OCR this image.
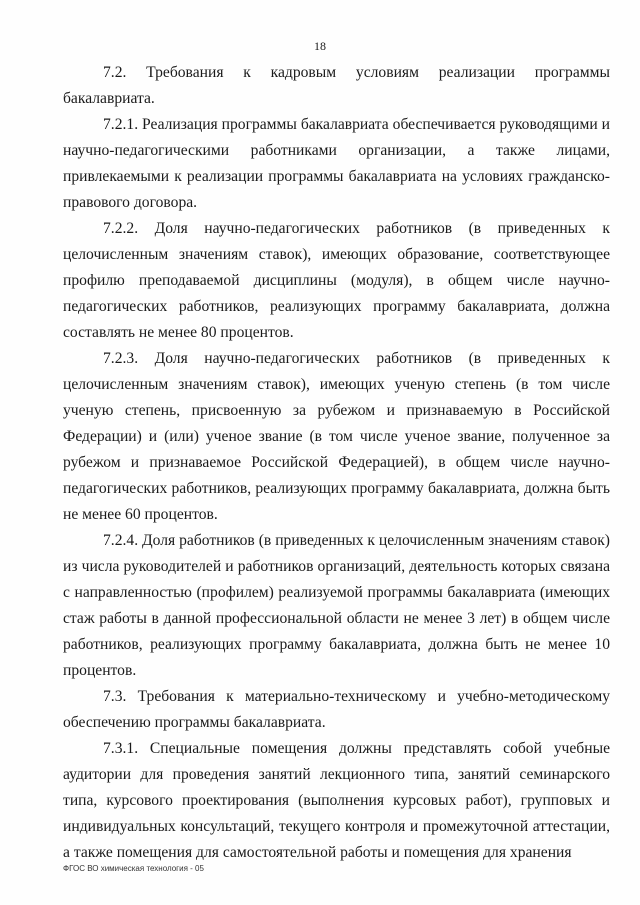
18

7.2. Требования к кадровым условиям реализации программы бакалавриата.

7.2.1. Реализация программы бакалавриата обеспечивается руководящими и научно-педагогическими работниками организации, а также лицами, привлекаемыми к реализации программы бакалавриата на условиях гражданско-правового договора.

7.2.2. Доля научно-педагогических работников (в приведенных к целочисленным значениям ставок), имеющих образование, соответствующее профилю преподаваемой дисциплины (модуля), в общем числе научно-педагогических работников, реализующих программу бакалавриата, должна составлять не менее 80 процентов.

7.2.3. Доля научно-педагогических работников (в приведенных к целочисленным значениям ставок), имеющих ученую степень (в том числе ученую степень, присвоенную за рубежом и признаваемую в Российской Федерации) и (или) ученое звание (в том числе ученое звание, полученное за рубежом и признаваемое Российской Федерацией), в общем числе научно-педагогических работников, реализующих программу бакалавриата, должна быть не менее 60 процентов.

7.2.4. Доля работников (в приведенных к целочисленным значениям ставок) из числа руководителей и работников организаций, деятельность которых связана с направленностью (профилем) реализуемой программы бакалавриата (имеющих стаж работы в данной профессиональной области не менее 3 лет) в общем числе работников, реализующих программу бакалавриата, должна быть не менее 10 процентов.

7.3. Требования к материально-техническому и учебно-методическому обеспечению программы бакалавриата.

7.3.1. Специальные помещения должны представлять собой учебные аудитории для проведения занятий лекционного типа, занятий семинарского типа, курсового проектирования (выполнения курсовых работ), групповых и индивидуальных консультаций, текущего контроля и промежуточной аттестации, а также помещения для самостоятельной работы и помещения для хранения

ФГОС ВО химическая технология - 05
